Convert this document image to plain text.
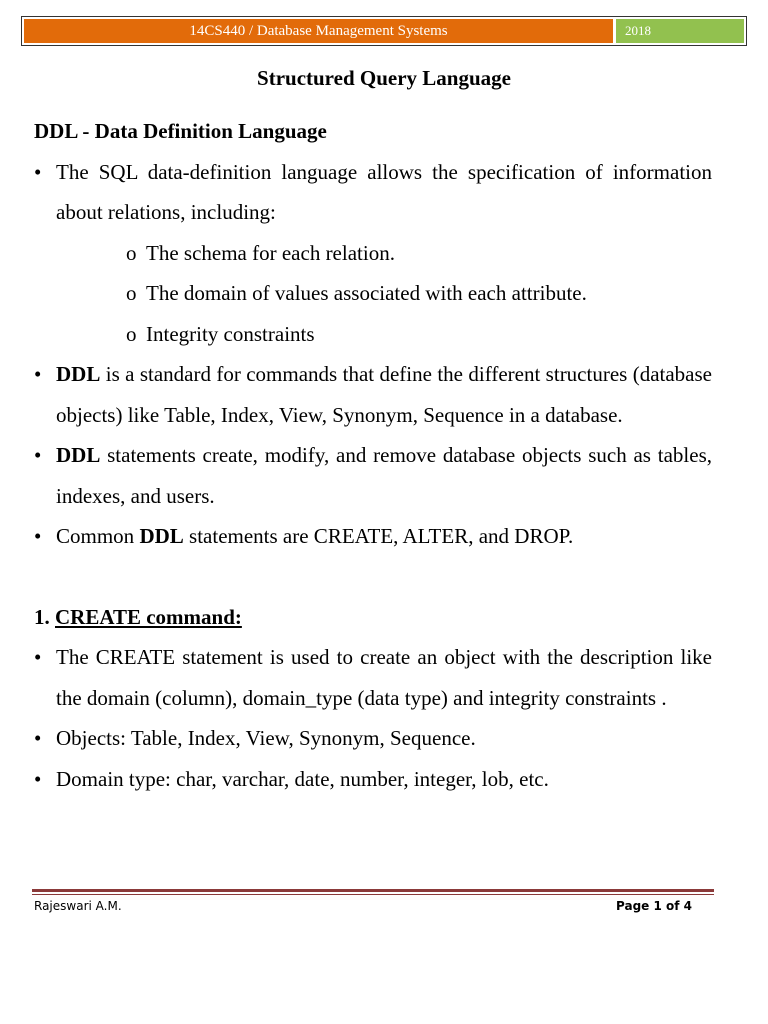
14CS440 / Database Management Systems	2018
Structured Query Language

DDL - Data Definition Language

• The SQL data-definition language allows the specification of information about relations, including:
o The schema for each relation.
o The domain of values associated with each attribute.
o Integrity constraints
• DDL is a standard for commands that define the different structures (database objects) like Table, Index, View, Synonym, Sequence in a database.
• DDL statements create, modify, and remove database objects such as tables, indexes, and users.
• Common DDL statements are CREATE, ALTER, and DROP.

1. CREATE command:

• The CREATE statement is used to create an object with the description like the domain (column), domain_type (data type) and integrity constraints .
• Objects: Table, Index, View, Synonym, Sequence.
• Domain type: char, varchar, date, number, integer, lob, etc.
Rajeswari A.M.	Page 1 of 4
